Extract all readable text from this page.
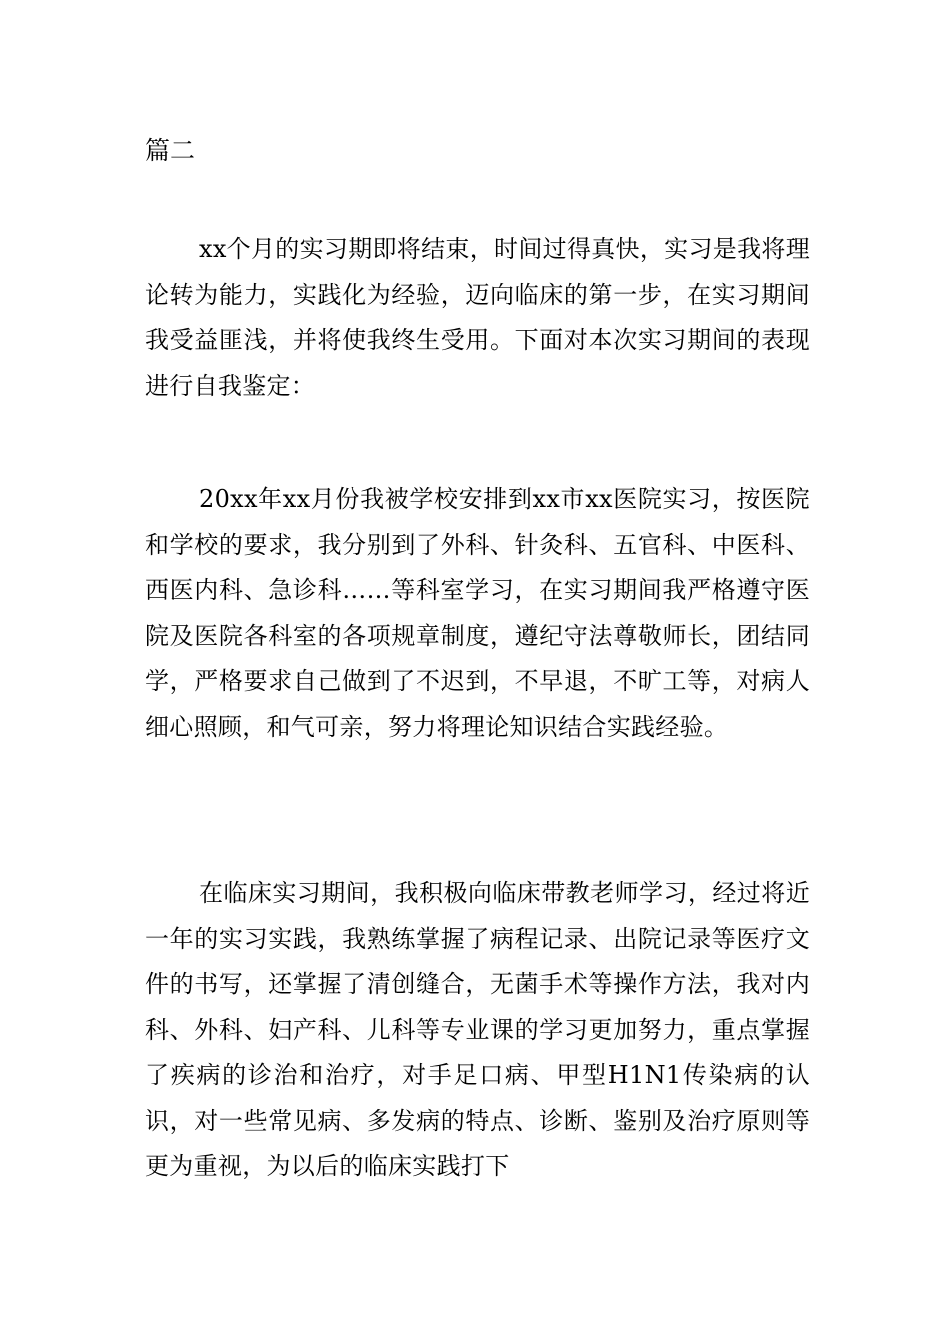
篇二

xx个月的实习期即将结束，时间过得真快，实习是我将理论转为能力，实践化为经验，迈向临床的第一步，在实习期间我受益匪浅，并将使我终生受用。下面对本次实习期间的表现进行自我鉴定：

20xx年xx月份我被学校安排到xx市xx医院实习，按医院和学校的要求，我分别到了外科、针灸科、五官科、中医科、西医内科、急诊科……等科室学习，在实习期间我严格遵守医院及医院各科室的各项规章制度，遵纪守法尊敬师长，团结同学，严格要求自己做到了不迟到，不早退，不旷工等，对病人细心照顾，和气可亲，努力将理论知识结合实践经验。

在临床实习期间，我积极向临床带教老师学习，经过将近一年的实习实践，我熟练掌握了病程记录、出院记录等医疗文件的书写，还掌握了清创缝合，无菌手术等操作方法，我对内科、外科、妇产科、儿科等专业课的学习更加努力，重点掌握了疾病的诊治和治疗，对手足口病、甲型H1N1传染病的认识，对一些常见病、多发病的特点、诊断、鉴别及治疗原则等更为重视，为以后的临床实践打下
